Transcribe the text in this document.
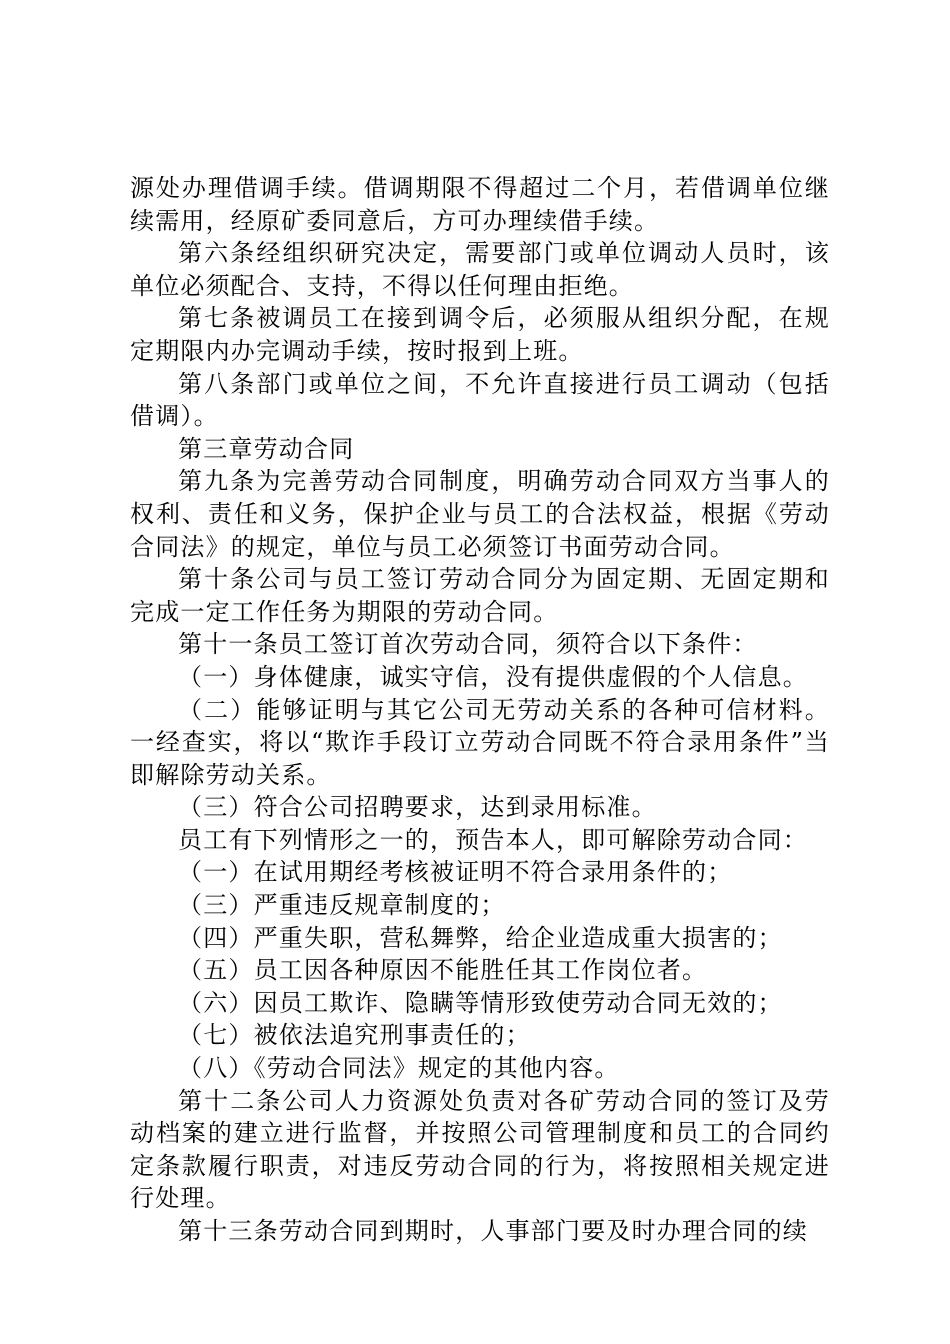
源处办理借调手续。借调期限不得超过二个月，若借调单位继续需用，经原矿委同意后，方可办理续借手续。

第六条经组织研究决定，需要部门或单位调动人员时，该单位必须配合、支持，不得以任何理由拒绝。

第七条被调员工在接到调令后，必须服从组织分配，在规定期限内办完调动手续，按时报到上班。

第八条部门或单位之间，不允许直接进行员工调动（包括借调）。

第三章劳动合同

第九条为完善劳动合同制度，明确劳动合同双方当事人的权利、责任和义务，保护企业与员工的合法权益，根据《劳动合同法》的规定，单位与员工必须签订书面劳动合同。

第十条公司与员工签订劳动合同分为固定期、无固定期和完成一定工作任务为期限的劳动合同。

第十一条员工签订首次劳动合同，须符合以下条件：

（一）身体健康，诚实守信，没有提供虚假的个人信息。

（二）能够证明与其它公司无劳动关系的各种可信材料。一经查实，将以“欺诈手段订立劳动合同既不符合录用条件”当即解除劳动关系。

（三）符合公司招聘要求，达到录用标准。

员工有下列情形之一的，预告本人，即可解除劳动合同：

（一）在试用期经考核被证明不符合录用条件的；

（三）严重违反规章制度的；

（四）严重失职，营私舞弊，给企业造成重大损害的；

（五）员工因各种原因不能胜任其工作岗位者。

（六）因员工欺诈、隐瞒等情形致使劳动合同无效的；

（七）被依法追究刑事责任的；

（八）《劳动合同法》规定的其他内容。

第十二条公司人力资源处负责对各矿劳动合同的签订及劳动档案的建立进行监督，并按照公司管理制度和员工的合同约定条款履行职责，对违反劳动合同的行为，将按照相关规定进行处理。

第十三条劳动合同到期时，人事部门要及时办理合同的续
